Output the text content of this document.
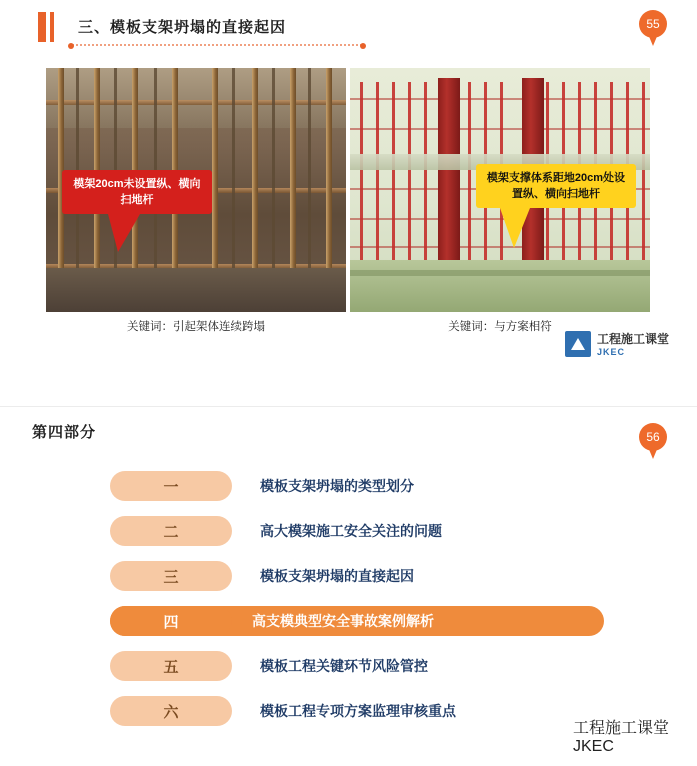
三、模板支架坍塌的直接起因	55
模架20cm未设置纵、横向扫地杆
模架支撑体系距地20cm处设置纵、横向扫地杆
关键词：引起架体连续跨塌	关键词：与方案相符
工程施工课堂
JKEC
第四部分	56
一	模板支架坍塌的类型划分
二	高大模架施工安全关注的问题
三	模板支架坍塌的直接起因
四	高支模典型安全事故案例解析
五	模板工程关键环节风险管控
六	模板工程专项方案监理审核重点
工程施工课堂
JKEC
